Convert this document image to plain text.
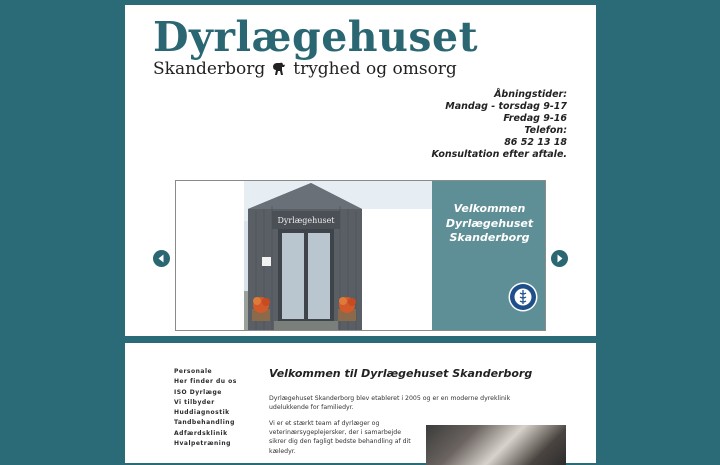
Dyrlægehuset
Skanderborg tryghed og omsorg
Åbningstider:
Mandag - torsdag 9-17
Fredag 9-16
Telefon:
86 52 13 18
Konsultation efter aftale.
Dyrlægehuset
Velkommen
Dyrlægehuset
Skanderborg
Personale
Her finder du os
ISO Dyrlæge
Vi tilbyder
Huddiagnostik
Tandbehandling
Adfærdsklinik
Hvalpetræning
Velkommen til Dyrlægehuset Skanderborg
Dyrlægehuset Skanderborg blev etableret i 2005 og er en moderne dyreklinik udelukkende for familiedyr.
Vi er et stærkt team af dyrlæger og veterinærsygeplejersker, der i samarbejde sikrer dig den fagligt bedste behandling af dit kæledyr.
